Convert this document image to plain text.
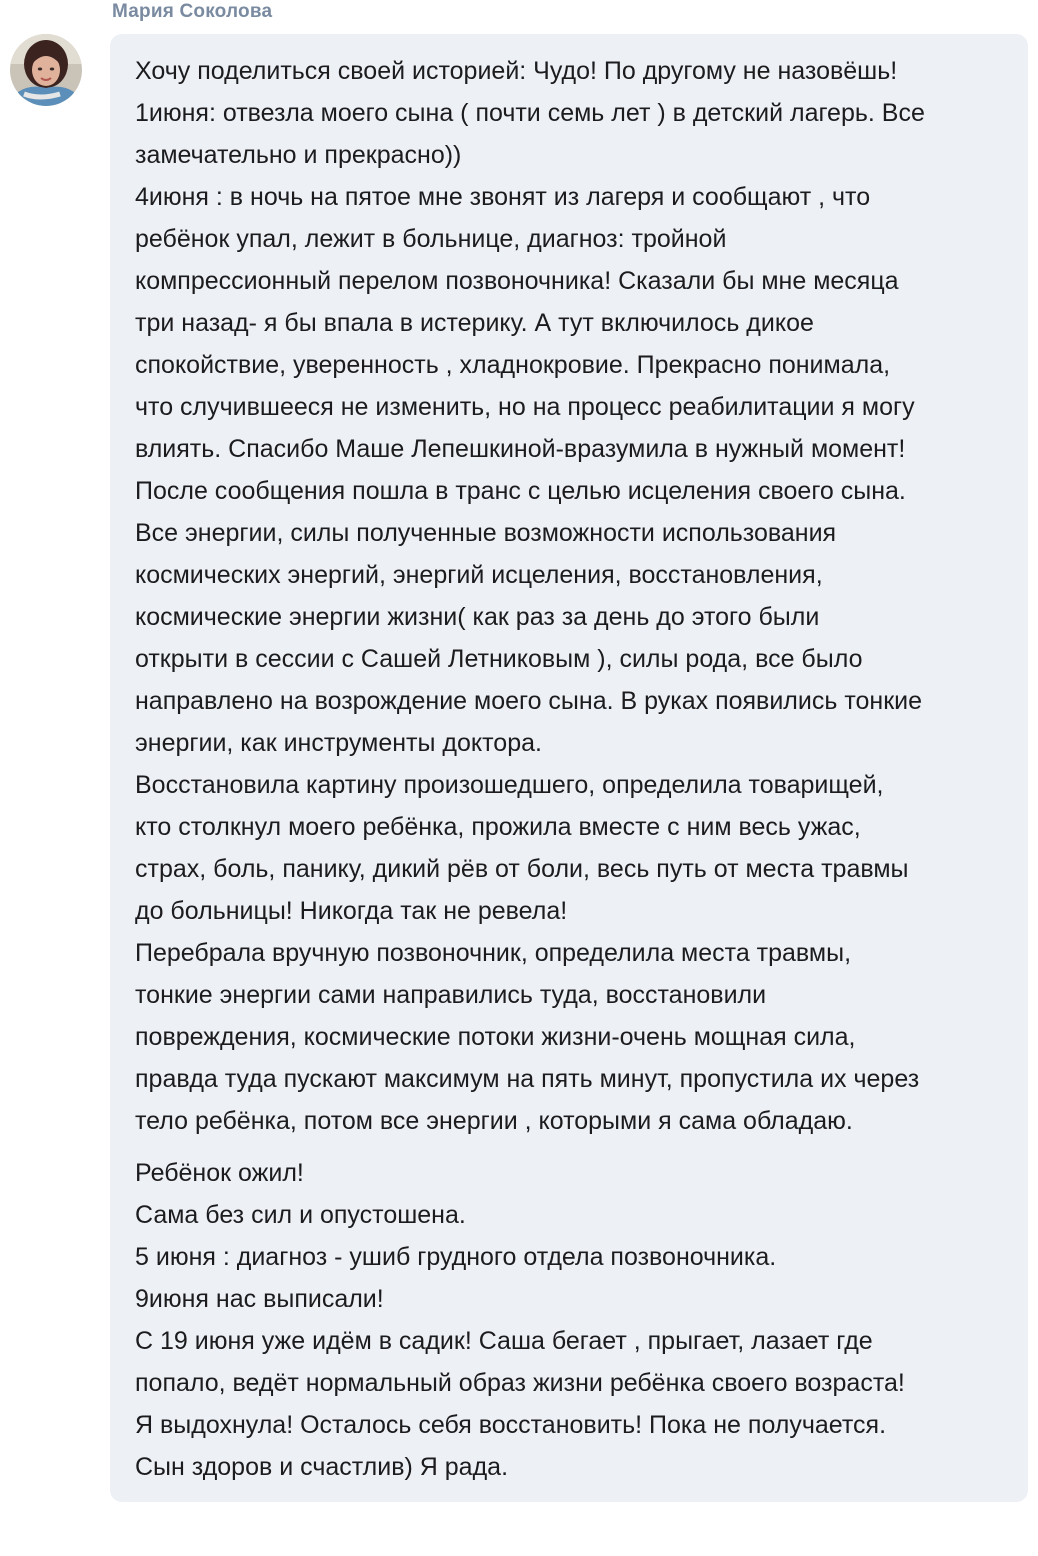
Мария Соколова
Хочу поделиться своей историей: Чудо! По другому не назовёшь!
1июня: отвезла моего сына ( почти семь лет ) в детский лагерь. Все
замечательно и прекрасно))
4июня : в ночь на пятое мне звонят из лагеря и сообщают , что
ребёнок упал, лежит в больнице, диагноз: тройной
компрессионный перелом позвоночника! Сказали бы мне месяца
три назад- я бы впала в истерику. А тут включилось дикое
спокойствие, уверенность , хладнокровие. Прекрасно понимала,
что случившееся не изменить, но на процесс реабилитации я могу
влиять. Спасибо Маше Лепешкиной-вразумила в нужный момент!
После сообщения пошла в транс с целью исцеления своего сына.
Все энергии, силы полученные возможности использования
космических энергий, энергий исцеления, восстановления,
космические энергии жизни( как раз за день до этого были
открыти в сессии с Сашей Летниковым ), силы рода, все было
направлено на возрождение моего сына. В руках появились тонкие
энергии, как инструменты доктора.
Восстановила картину произошедшего, определила товарищей,
кто столкнул моего ребёнка, прожила вместе с ним весь ужас,
страх, боль, панику, дикий рёв от боли, весь путь от места травмы
до больницы! Никогда так не ревела!
Перебрала вручную позвоночник, определила места травмы,
тонкие энергии сами направились туда, восстановили
повреждения, космические потоки жизни-очень мощная сила,
правда туда пускают максимум на пять минут, пропустила их через
тело ребёнка, потом все энергии , которыми я сама обладаю.
Ребёнок ожил!
Сама без сил и опустошена.
5 июня : диагноз - ушиб грудного отдела позвоночника.
9июня нас выписали!
С 19 июня уже идём в садик! Саша бегает , прыгает, лазает где
попало, ведёт нормальный образ жизни ребёнка своего возраста!
Я выдохнула! Осталось себя восстановить! Пока не получается.
Сын здоров и счастлив) Я рада.
